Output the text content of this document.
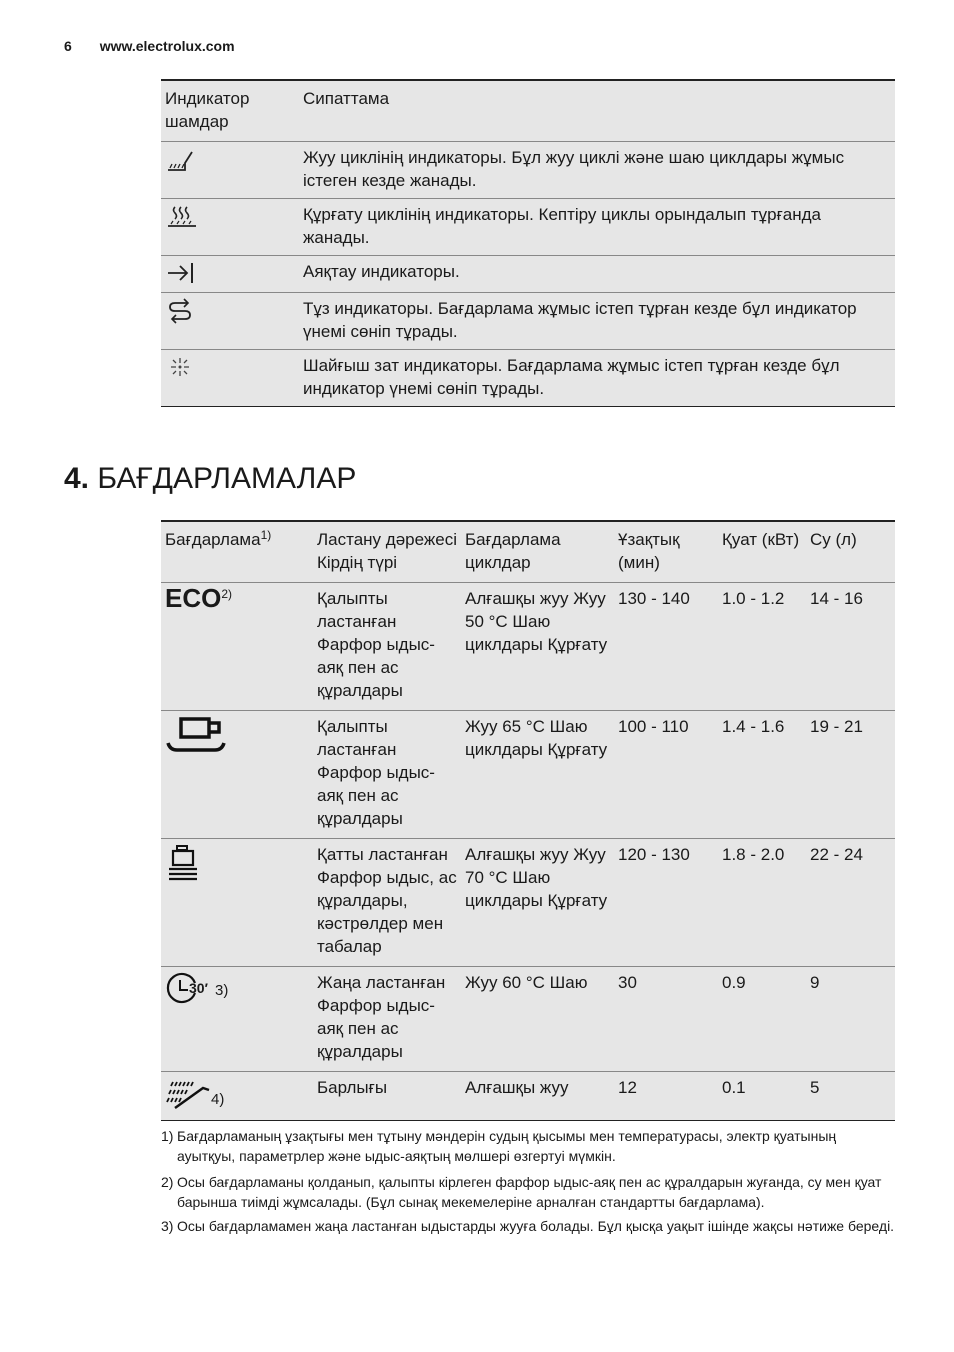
6 www.electrolux.com
Индикатор шамдар	Сипаттама
	Жуу циклінің индикаторы. Бұл жуу циклі және шаю циклдары жұмыс істеген кезде жанады.
	Құрғату циклінің индикаторы. Кептіру циклы орындалып тұрғанда жанады.
	Аяқтау индикаторы.
	Тұз индикаторы. Бағдарлама жұмыс істеп тұрған кезде бұл индикатор үнемі сөніп тұрады.
	Шайғыш зат индикаторы. Бағдарлама жұмыс істеп тұрған кезде бұл индикатор үнемі сөніп тұрады.
4. БАҒДАРЛАМАЛАР
Бағдарлама$^{1)}$	Ластану дәрежесі Кірдің түрі	Бағдарлама циклдар	Ұзақтық (мин)	Қуат (кВт)	Су (л)
ECO$^{2)}$	Қалыпты ластанған Фарфор ыдыс-аяқ пен ас құралдары	Алғашқы жуу Жуу 50 °C Шаю циклдары Құрғату	130 - 140	1.0 - 1.2	14 - 16
	Қалыпты ластанған Фарфор ыдыс-аяқ пен ас құралдары	Жуу 65 °C Шаю циклдары Құрғату	100 - 110	1.4 - 1.6	19 - 21
	Қатты ластанған Фарфор ыдыс, ас құралдары, кәстрөлдер мен табалар	Алғашқы жуу Жуу 70 °C Шаю циклдары Құрғату	120 - 130	1.8 - 2.0	22 - 24

30′ $^{3)}$	Жаңа ластанған Фарфор ыдыс-аяқ пен ас құралдары	Жуу 60 °C Шаю	30	0.9	9
$^{4)}$	Барлығы	Алғашқы жуу	12	0.1	5
1) Бағдарламаның ұзақтығы мен тұтыну мәндерін судың қысымы мен температурасы, электр қуатының ауытқуы, параметрлер және ыдыс-аяқтың мөлшері өзгертуі мүмкін.
2) Осы бағдарламаны қолданып, қалыпты кірлеген фарфор ыдыс-аяқ пен ас құралдарын жуғанда, су мен қуат барынша тиімді жұмсалады. (Бұл сынақ мекемелеріне арналған стандартты бағдарлама).
3) Осы бағдарламамен жаңа ластанған ыдыстарды жууға болады. Бұл қысқа уақыт ішінде жақсы нәтиже береді.
